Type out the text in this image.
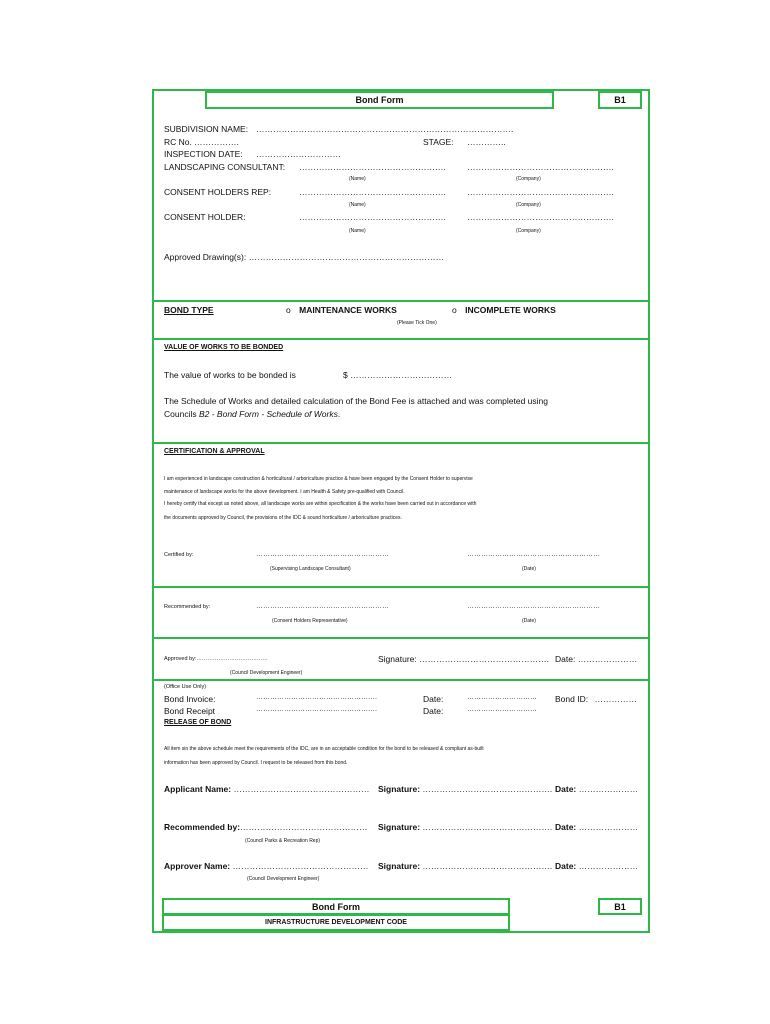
Bond Form	B1
SUBDIVISION NAME: ……………………………………………………………………………….
RC No. …………….	STAGE: …………..
INSPECTION DATE: …………………………
LANDSCAPING CONSULTANT: ……………………………………………. …………………………………………….
(Name)	(Company)
CONSENT HOLDERS REP:	……………………………………………. …………………………………………….
(Name)	(Company)
CONSENT HOLDER:	……………………………………………. …………………………………………….
(Name)	(Company)
Approved Drawing(s): ……………………………………………………………
BOND TYPE	o MAINTENANCE WORKS	o INCOMPLETE WORKS
(Please Tick One)
VALUE OF WORKS TO BE BONDED
The value of works to be bonded is	$ ………………………………
The Schedule of Works and detailed calculation of the Bond Fee is attached and was completed using
Councils B2 - Bond Form - Schedule of Works.
CERTIFICATION & APPROVAL
I am experienced in landscape construction & horticultural / arboriculture practice & have been engaged by the Consent Holder to supervise
maintenance of landscape works for the above development. I am Health & Safety pre-qualified with Council.
I hereby certify that except as noted above, all landscape works are within specification & the works have been carried out in accordance with
the documents approved by Council, the provisions of the IDC & sound horticulture / arboriculture practices.
Certified by:	…………………………………………………	…………………………………………………
(Supervising Landscape Consultant)	(Date)
Recommended by:	…………………………………………………	…………………………………………………
(Consent Holders Representative)	(Date)
Approved by:…………………………………	Signature: ………………………………………. Date: …………………
(Council Development Engineer)
(Office Use Only)
Bond Invoice:	…………………………………………….	Date:	………………………… Bond ID: ……………
Bond Receipt	…………………………………………….	Date:	…………………………
RELEASE OF BOND
All item sin the above schedule meet the requirements of the IDC, are in an acceptable condition for the bond to be released & compliant as-built
information has been approved by Council. I request to be released from this bond.
Applicant Name: ………………………………………… Signature: ………………………………………. Date: …………………
Recommended by:……………………………………… Signature: ………………………………………. Date: …………………
(Council Parks & Recreation Rep)
Approver Name: ………………………………………… Signature: ………………………………………. Date: …………………
(Council Development Engineer)
Bond Form	B1
INFRASTRUCTURE DEVELOPMENT CODE
